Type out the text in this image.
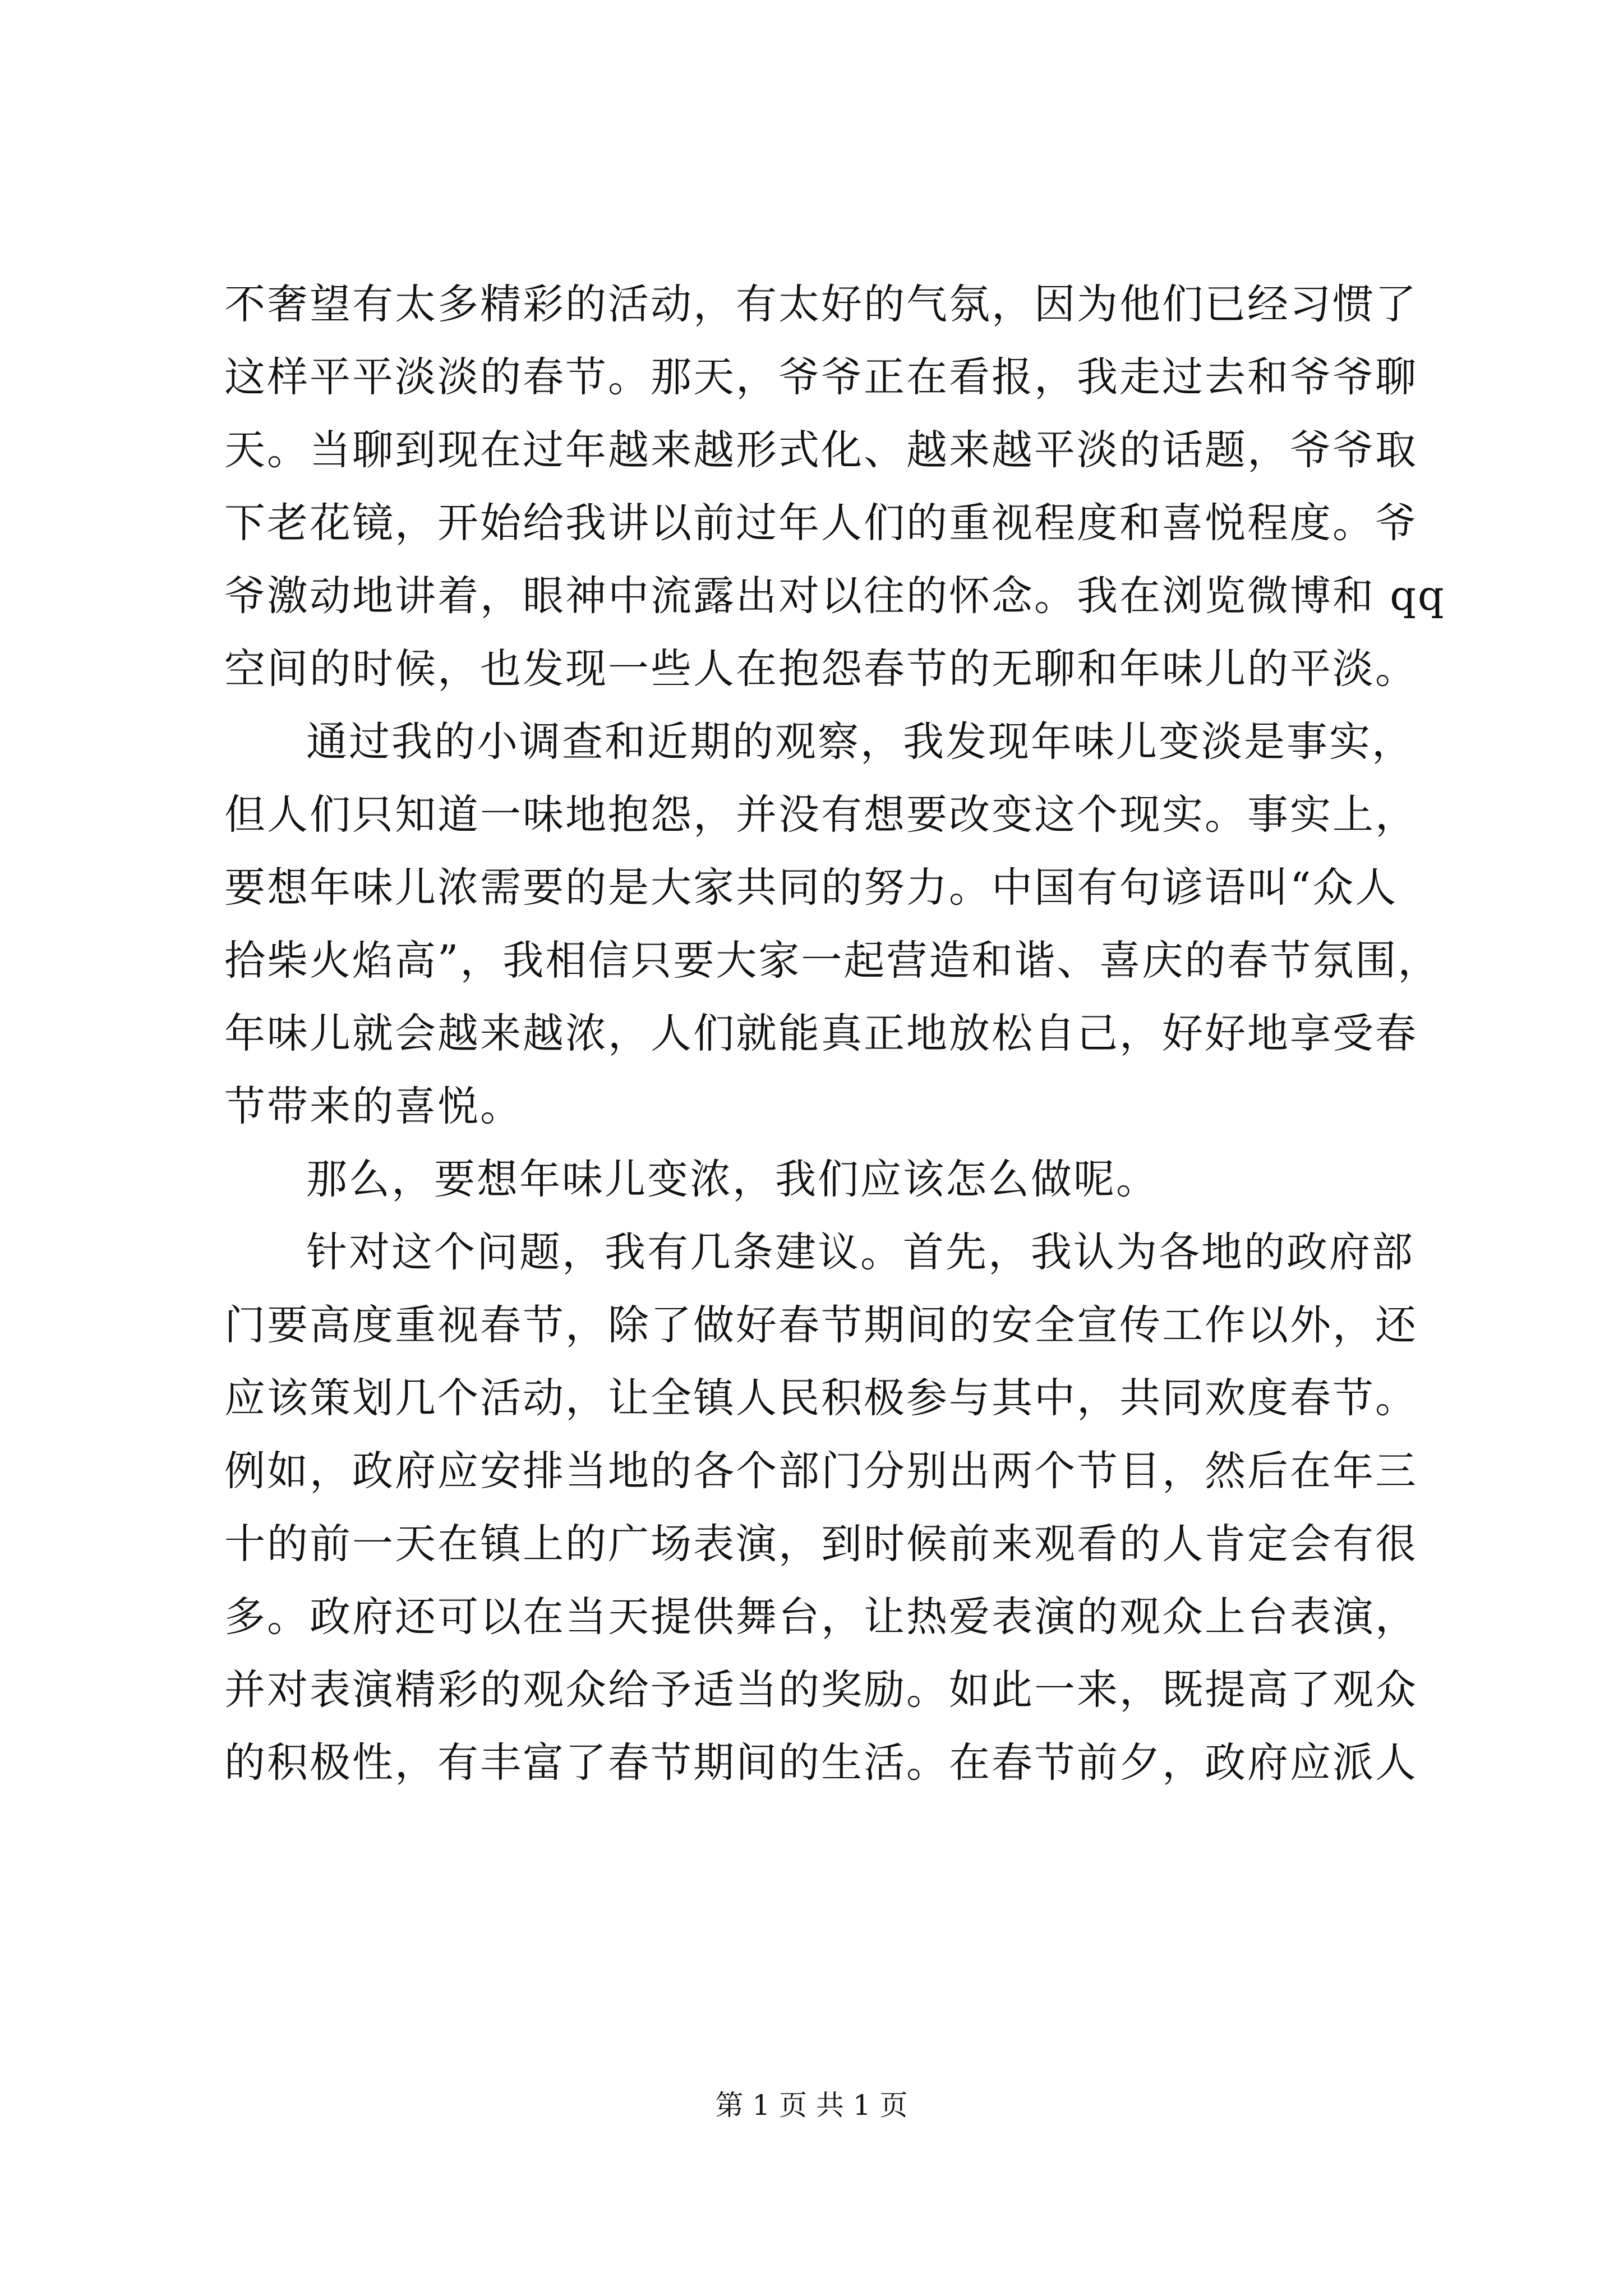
不奢望有太多精彩的活动，有太好的气氛，因为他们已经习惯了
这样平平淡淡的春节。那天，爷爷正在看报，我走过去和爷爷聊
天。当聊到现在过年越来越形式化、越来越平淡的话题，爷爷取
下老花镜，开始给我讲以前过年人们的重视程度和喜悦程度。爷
爷激动地讲着，眼神中流露出对以往的怀念。我在浏览微博和 qq
空间的时候，也发现一些人在抱怨春节的无聊和年味儿的平淡。
通过我的小调查和近期的观察，我发现年味儿变淡是事实，
但人们只知道一味地抱怨，并没有想要改变这个现实。事实上，
要想年味儿浓需要的是大家共同的努力。中国有句谚语叫“众人
拾柴火焰高”，我相信只要大家一起营造和谐、喜庆的春节氛围，
年味儿就会越来越浓，人们就能真正地放松自己，好好地享受春
节带来的喜悦。
那么，要想年味儿变浓，我们应该怎么做呢。
针对这个问题，我有几条建议。首先，我认为各地的政府部
门要高度重视春节，除了做好春节期间的安全宣传工作以外，还
应该策划几个活动，让全镇人民积极参与其中，共同欢度春节。
例如，政府应安排当地的各个部门分别出两个节目，然后在年三
十的前一天在镇上的广场表演，到时候前来观看的人肯定会有很
多。政府还可以在当天提供舞台，让热爱表演的观众上台表演，
并对表演精彩的观众给予适当的奖励。如此一来，既提高了观众
的积极性，有丰富了春节期间的生活。在春节前夕，政府应派人
第 1 页 共 1 页
